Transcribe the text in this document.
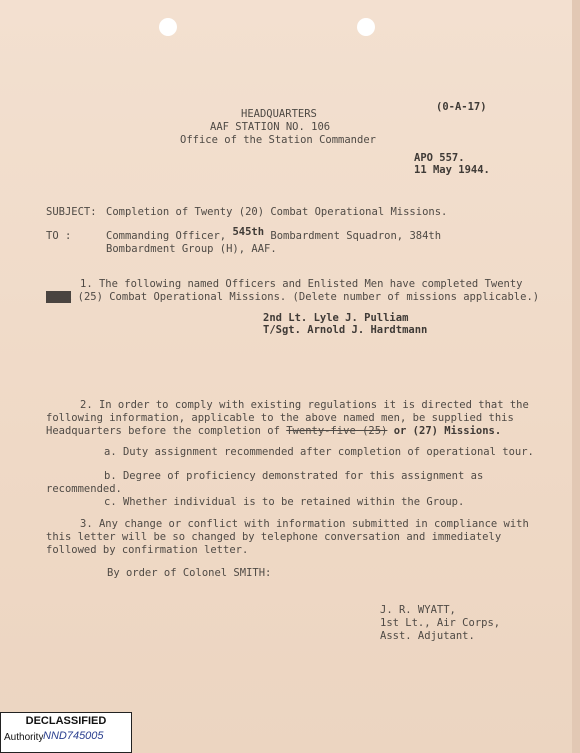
HEADQUARTERS
AAF STATION NO. 106
Office of the Station Commander
(0-A-17)
APO 557.
11 May 1944.
SUBJECT: Completion of Twenty (20) Combat Operational Missions.
TO :	Commanding Officer, 545th Bombardment Squadron, 384th
Bombardment Group (H), AAF.
1. The following named Officers and Enlisted Men have completed Twenty
XXXX (25) Combat Operational Missions. (Delete number of missions applicable.)
2nd Lt. Lyle J. Pulliam
T/Sgt. Arnold J. Hardtmann
2. In order to comply with existing regulations it is directed that the
following information, applicable to the above named men, be supplied this
Headquarters before the completion of Twenty-five (25) or (27) Missions.
a. Duty assignment recommended after completion of operational tour.
b. Degree of proficiency demonstrated for this assignment as
recommended.
c. Whether individual is to be retained within the Group.
3. Any change or conflict with information submitted in compliance with
this letter will be so changed by telephone conversation and immediately
followed by confirmation letter.
By order of Colonel SMITH:
J. R. WYATT,
1st Lt., Air Corps,
Asst. Adjutant.
DECLASSIFIED
Authority NND745005
